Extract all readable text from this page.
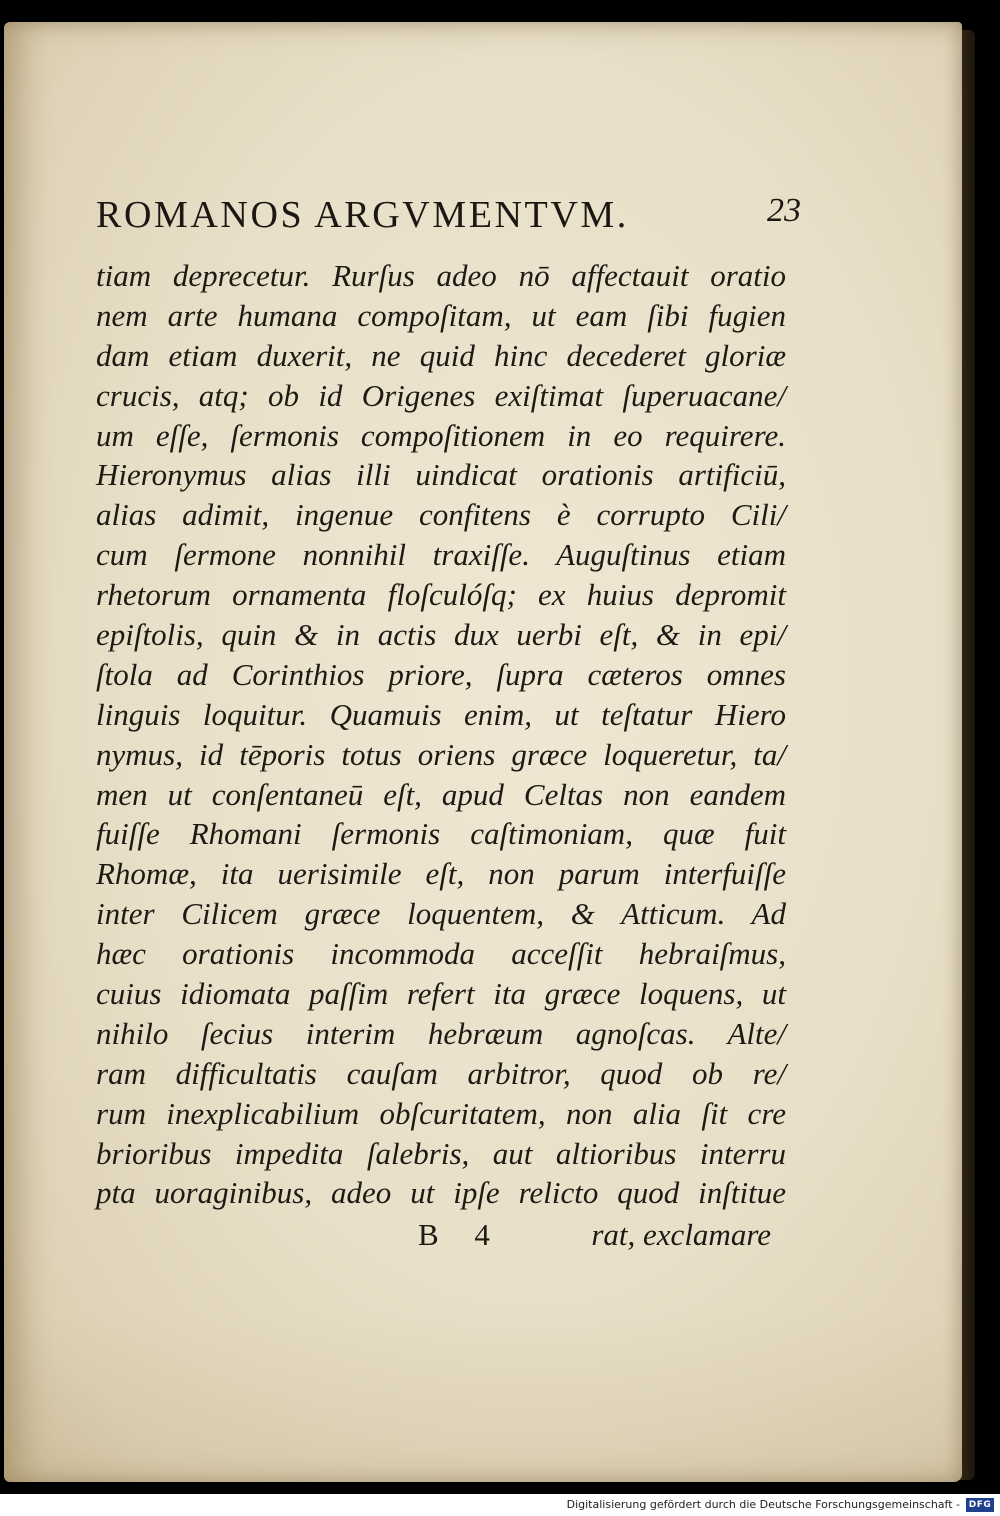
ROMANOS ARGVMENTVM.	23
tiam deprecetur. Rurſus adeo nō affectauit oratio
nem arte humana compoſitam, ut eam ſibi fugien
dam etiam duxerit, ne quid hinc decederet gloriæ
crucis, atq; ob id Origenes exiſtimat ſuperuacane/
um eſſe, ſermonis compoſitionem in eo requirere.
Hieronymus alias illi uindicat orationis artificiū,
alias adimit, ingenue confitens è corrupto Cili/
cum ſermone nonnihil traxiſſe. Auguſtinus etiam
rhetorum ornamenta floſculóſq; ex huius depromit
epiſtolis, quin & in actis dux uerbi eſt, & in epi/
ſtola ad Corinthios priore, ſupra cæteros omnes
linguis loquitur. Quamuis enim, ut teſtatur Hiero
nymus, id tēporis totus oriens græce loqueretur, ta/
men ut conſentaneū eſt, apud Celtas non eandem
fuiſſe Rhomani ſermonis caſtimoniam, quæ fuit
Rhomæ, ita uerisimile eſt, non parum interfuiſſe
inter Cilicem græce loquentem, & Atticum. Ad
hæc orationis incommoda acceſſit hebraiſmus,
cuius idiomata paſſim refert ita græce loquens, ut
nihilo ſecius interim hebræum agnoſcas. Alte/
ram difficultatis cauſam arbitror, quod ob re/
rum inexplicabilium obſcuritatem, non alia ſit cre
brioribus impedita ſalebris, aut altioribus interru
pta uoraginibus, adeo ut ipſe relicto quod inſtitue
B 4	rat, exclamare
Digitalisierung gefördert durch die Deutsche Forschungsgemeinschaft - DFG
